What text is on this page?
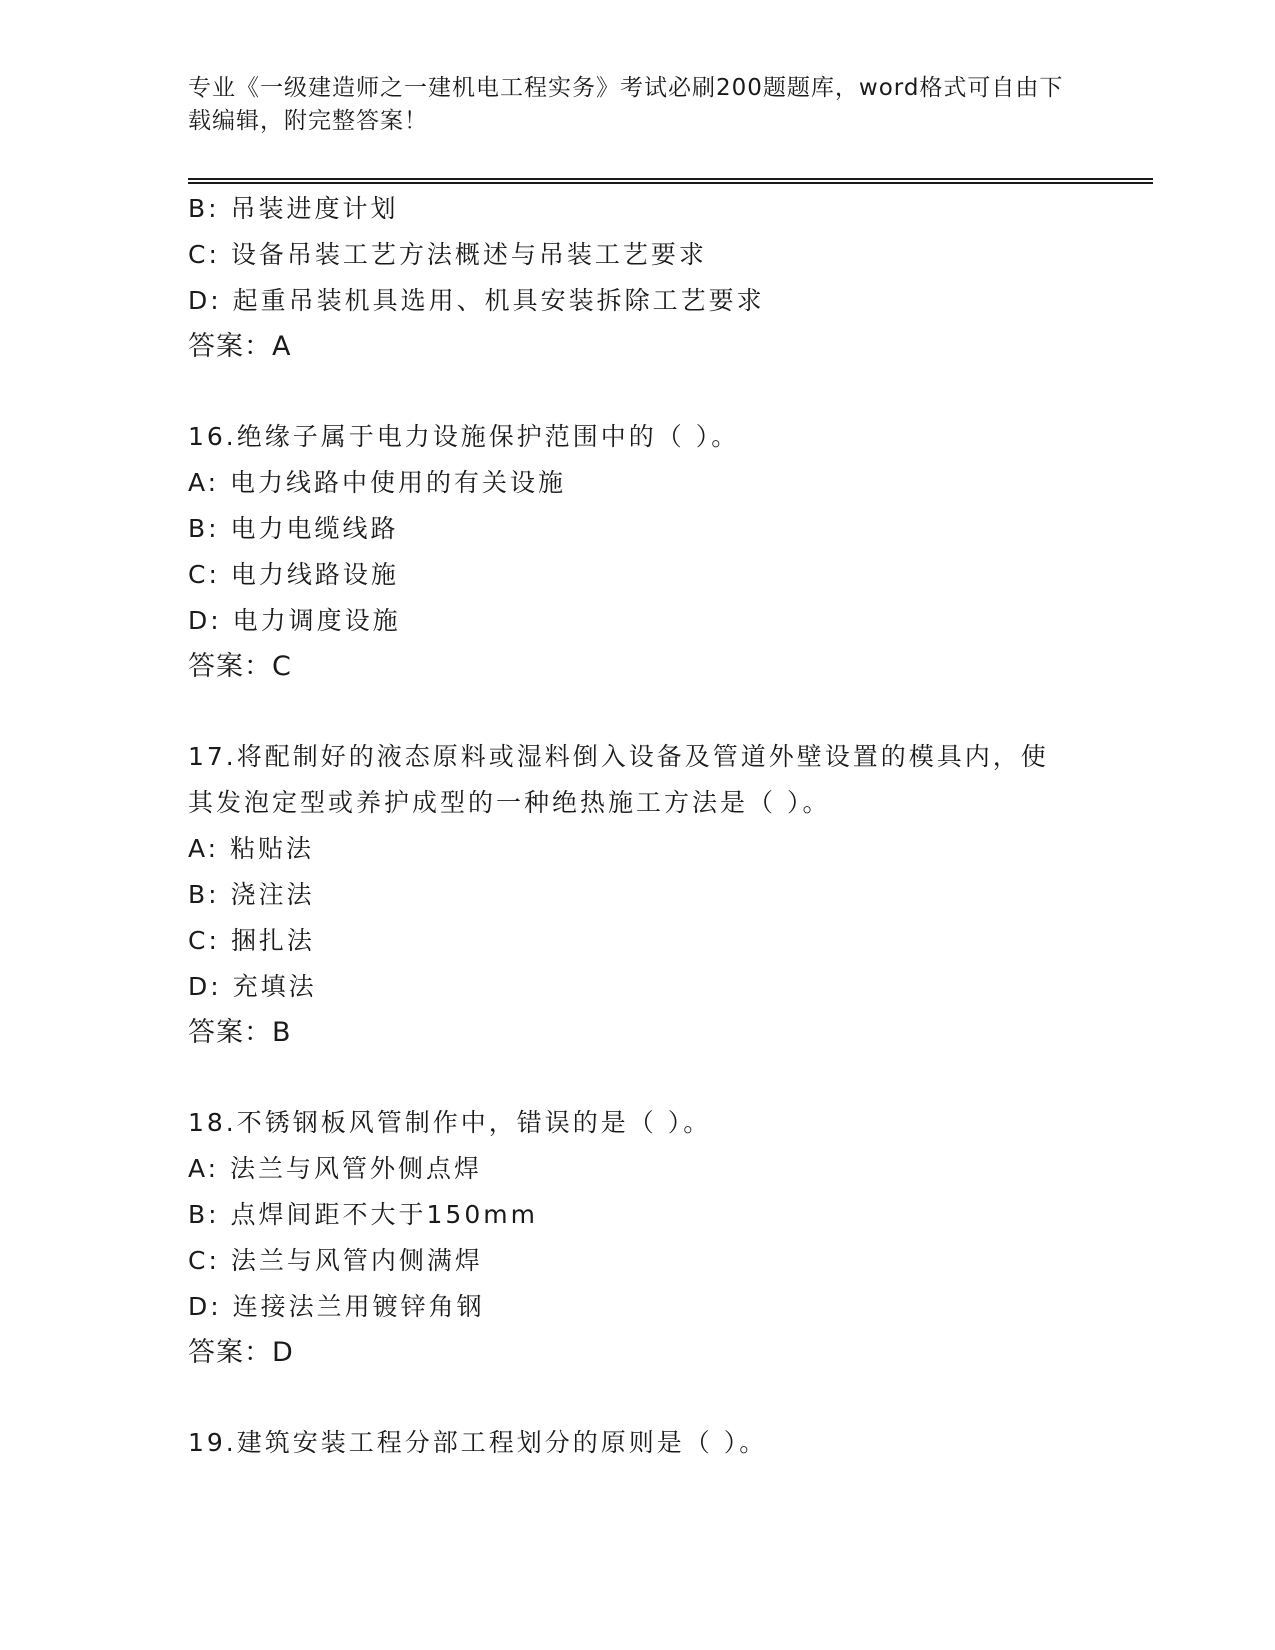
专业《一级建造师之一建机电工程实务》考试必刷200题题库，word格式可自由下载编辑，附完整答案！
B: 吊装进度计划
C: 设备吊装工艺方法概述与吊装工艺要求
D: 起重吊装机具选用、机具安装拆除工艺要求
答案：A
16.绝缘子属于电力设施保护范围中的（ ）。
A: 电力线路中使用的有关设施
B: 电力电缆线路
C: 电力线路设施
D: 电力调度设施
答案：C
17.将配制好的液态原料或湿料倒入设备及管道外壁设置的模具内，使其发泡定型或养护成型的一种绝热施工方法是（ ）。
A: 粘贴法
B: 浇注法
C: 捆扎法
D: 充填法
答案：B
18.不锈钢板风管制作中，错误的是（ ）。
A: 法兰与风管外侧点焊
B: 点焊间距不大于150mm
C: 法兰与风管内侧满焊
D: 连接法兰用镀锌角钢
答案：D
19.建筑安装工程分部工程划分的原则是（ ）。
